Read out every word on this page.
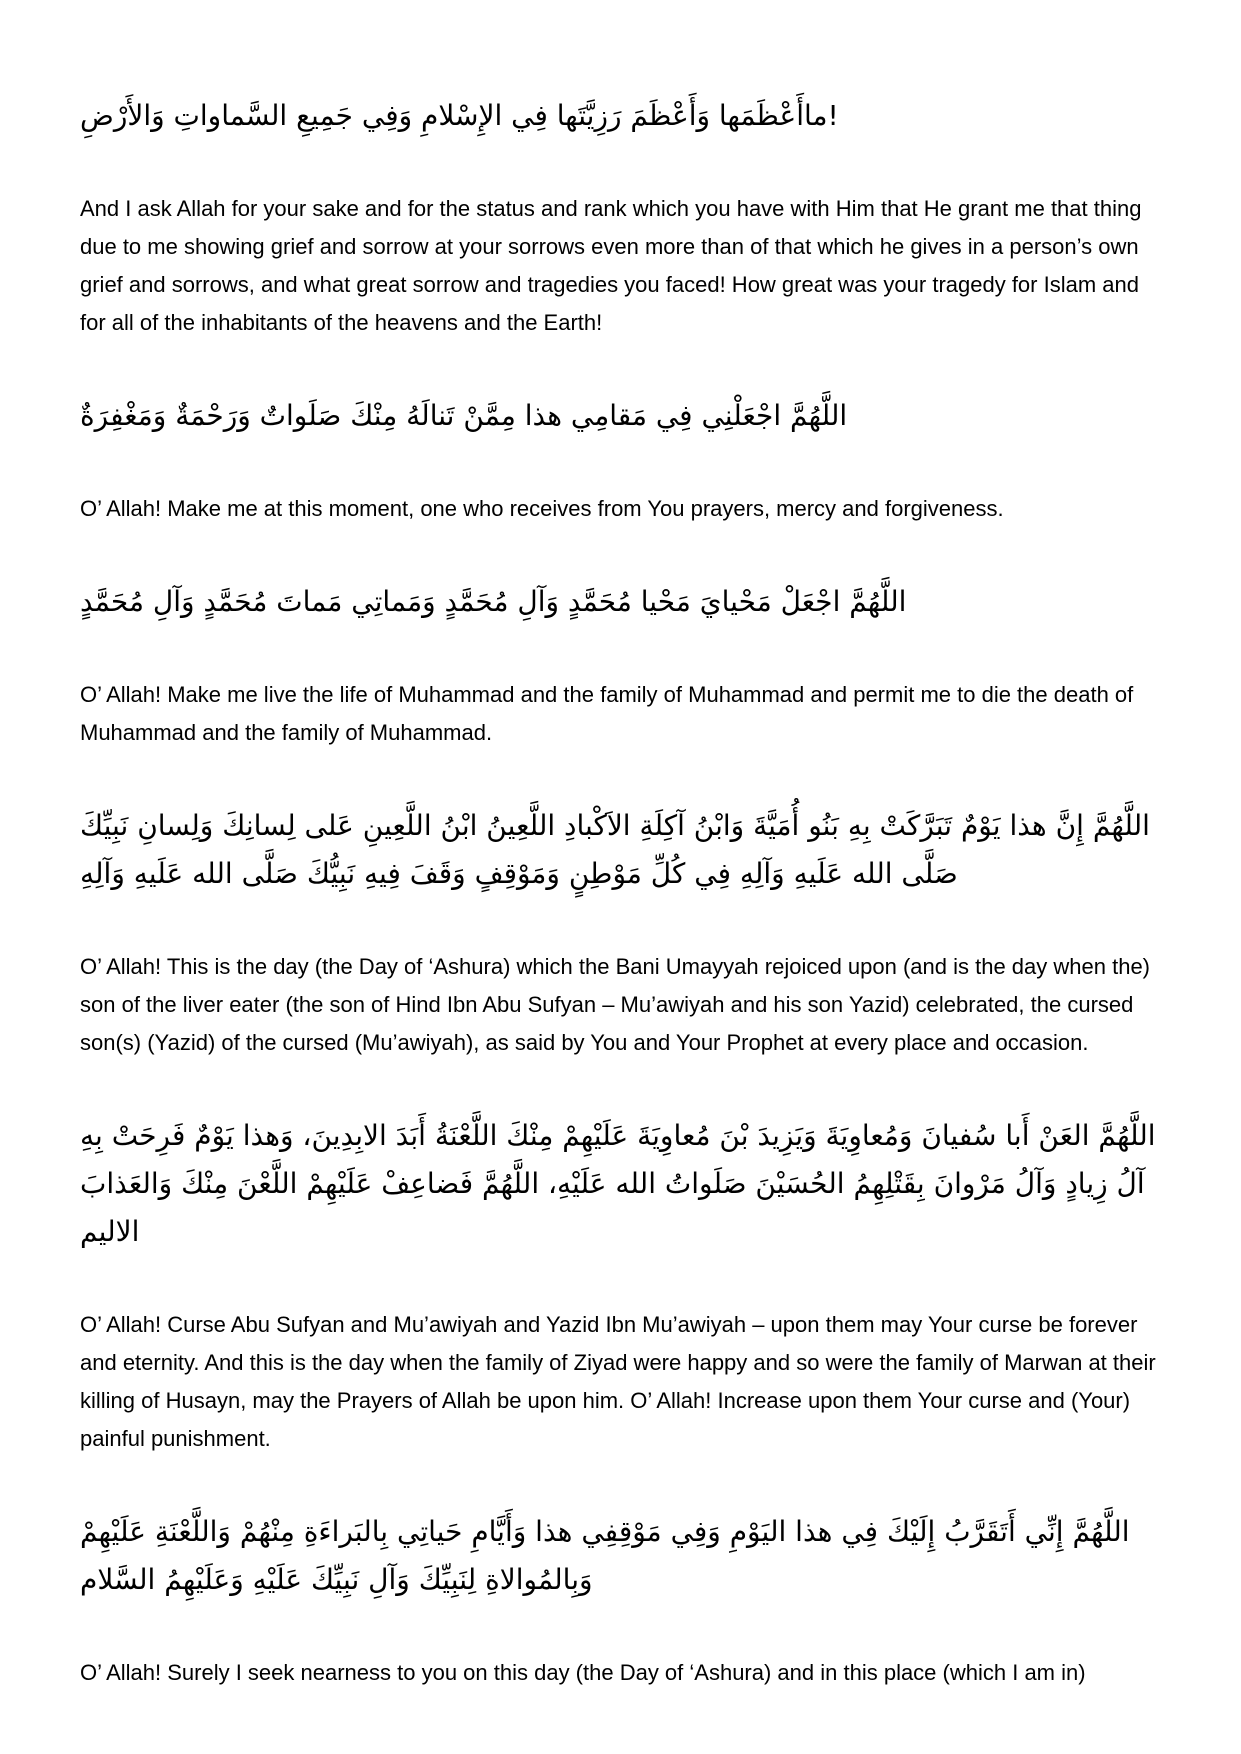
!ماأَعْظَمَها وَأَعْظَمَ رَزِيَّتَها فِي الإِسْلامِ وَفِي جَمِيعِ السَّماواتِ وَالأَرْضِ

And I ask Allah for your sake and for the status and rank which you have with Him that He grant me that thing due to me showing grief and sorrow at your sorrows even more than of that which he gives in a person’s own grief and sorrows, and what great sorrow and tragedies you faced! How great was your tragedy for Islam and for all of the inhabitants of the heavens and the Earth!

اللَّهُمَّ اجْعَلْنِي فِي مَقامِي هذا مِمَّنْ تَنالَهُ مِنْكَ صَلَواتٌ وَرَحْمَةٌ وَمَغْفِرَةٌ

O’ Allah! Make me at this moment, one who receives from You prayers, mercy and forgiveness.

اللَّهُمَّ اجْعَلْ مَحْيايَ مَحْيا مُحَمَّدٍ وَآلِ مُحَمَّدٍ وَمَماتِي مَماتَ مُحَمَّدٍ وَآلِ مُحَمَّدٍ

O’ Allah! Make me live the life of Muhammad and the family of Muhammad and permit me to die the death of Muhammad and the family of Muhammad.

اللَّهُمَّ إِنَّ هذا يَوْمٌ تَبَرَّكَتْ بِهِ بَنُو أُمَيَّةَ وَابْنُ آكِلَةِ الاَكْبادِ اللَّعِينُ ابْنُ اللَّعِينِ عَلى لِسانِكَ وَلِسانِ نَبِيِّكَ صَلَّى الله عَلَيهِ وَآلِهِ فِي كُلِّ مَوْطِنٍ وَمَوْقِفٍ وَقَفَ فِيهِ نَبِيُّكَ صَلَّى الله عَلَيهِ وَآلِهِ

O’ Allah! This is the day (the Day of ‘Ashura) which the Bani Umayyah rejoiced upon (and is the day when the) son of the liver eater (the son of Hind Ibn Abu Sufyan – Mu’awiyah and his son Yazid) celebrated, the cursed son(s) (Yazid) of the cursed (Mu’awiyah), as said by You and Your Prophet at every place and occasion.

اللَّهُمَّ العَنْ أَبا سُفيانَ وَمُعاوِيَةَ وَيَزِيدَ بْنَ مُعاوِيَةَ عَلَيْهِمْ مِنْكَ اللَّعْنَةُ أَبَدَ الابِدِينَ، وَهذا يَوْمٌ فَرِحَتْ بِهِ آلُ زِيادٍ وَآلُ مَرْوانَ بِقَتْلِهِمُ الحُسَيْنَ صَلَواتُ الله عَلَيْهِ، اللَّهُمَّ فَضاعِفْ عَلَيْهِمْ اللَّعْنَ مِنْكَ وَالعَذابَ الاليم

O’ Allah! Curse Abu Sufyan and Mu’awiyah and Yazid Ibn Mu’awiyah – upon them may Your curse be forever and eternity. And this is the day when the family of Ziyad were happy and so were the family of Marwan at their killing of Husayn, may the Prayers of Allah be upon him. O’ Allah! Increase upon them Your curse and (Your) painful punishment.

اللَّهُمَّ إِنِّي أَتَقَرَّبُ إِلَيْكَ فِي هذا اليَوْمِ وَفِي مَوْقِفِي هذا وَأَيَّامِ حَياتِي بِالبَراءَةِ مِنْهُمْ وَاللَّعْنَةِ عَلَيْهِمْ وَبِالمُوالاةِ لِنَبِيِّكَ وَآلِ نَبِيِّكَ عَلَيْهِ وَعَلَيْهِمُ السَّلام

O’ Allah! Surely I seek nearness to you on this day (the Day of ‘Ashura) and in this place (which I am in)
